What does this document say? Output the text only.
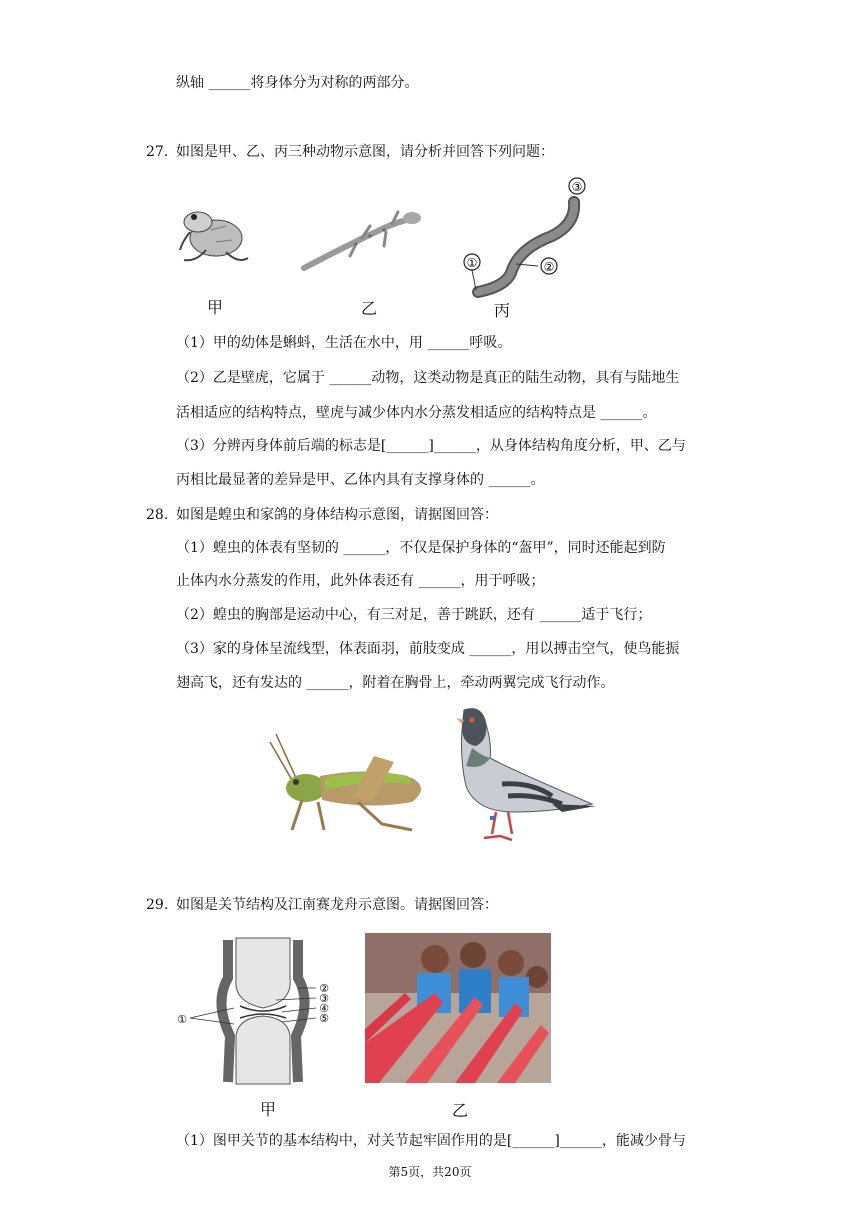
纵轴 ______将身体分为对称的两部分。
27. 如图是甲、乙、丙三种动物示意图，请分析并回答下列问题：
①	②
③
甲	乙	丙
（1）甲的幼体是蝌蚪，生活在水中，用 ______呼吸。
（2）乙是壁虎，它属于 ______动物，这类动物是真正的陆生动物，具有与陆地生
活相适应的结构特点，壁虎与减少体内水分蒸发相适应的结构特点是 ______。
（3）分辨丙身体前后端的标志是[______]______，从身体结构角度分析，甲、乙与
丙相比最显著的差异是甲、乙体内具有支撑身体的 ______。
28. 如图是蝗虫和家鸽的身体结构示意图，请据图回答：
（1）蝗虫的体表有坚韧的 ______，不仅是保护身体的“盔甲”，同时还能起到防
止体内水分蒸发的作用，此外体表还有 ______，用于呼吸；
（2）蝗虫的胸部是运动中心，有三对足，善于跳跃，还有 ______适于飞行；
（3）家的身体呈流线型，体表面羽，前肢变成 ______，用以搏击空气，使鸟能振
翅高飞，还有发达的 ______，附着在胸骨上，牵动两翼完成飞行动作。
29. 如图是关节结构及江南赛龙舟示意图。请据图回答：
①
②
③
④
⑤
甲	乙
（1）图甲关节的基本结构中，对关节起牢固作用的是[______]______，能减少骨与
第5页，共20页
